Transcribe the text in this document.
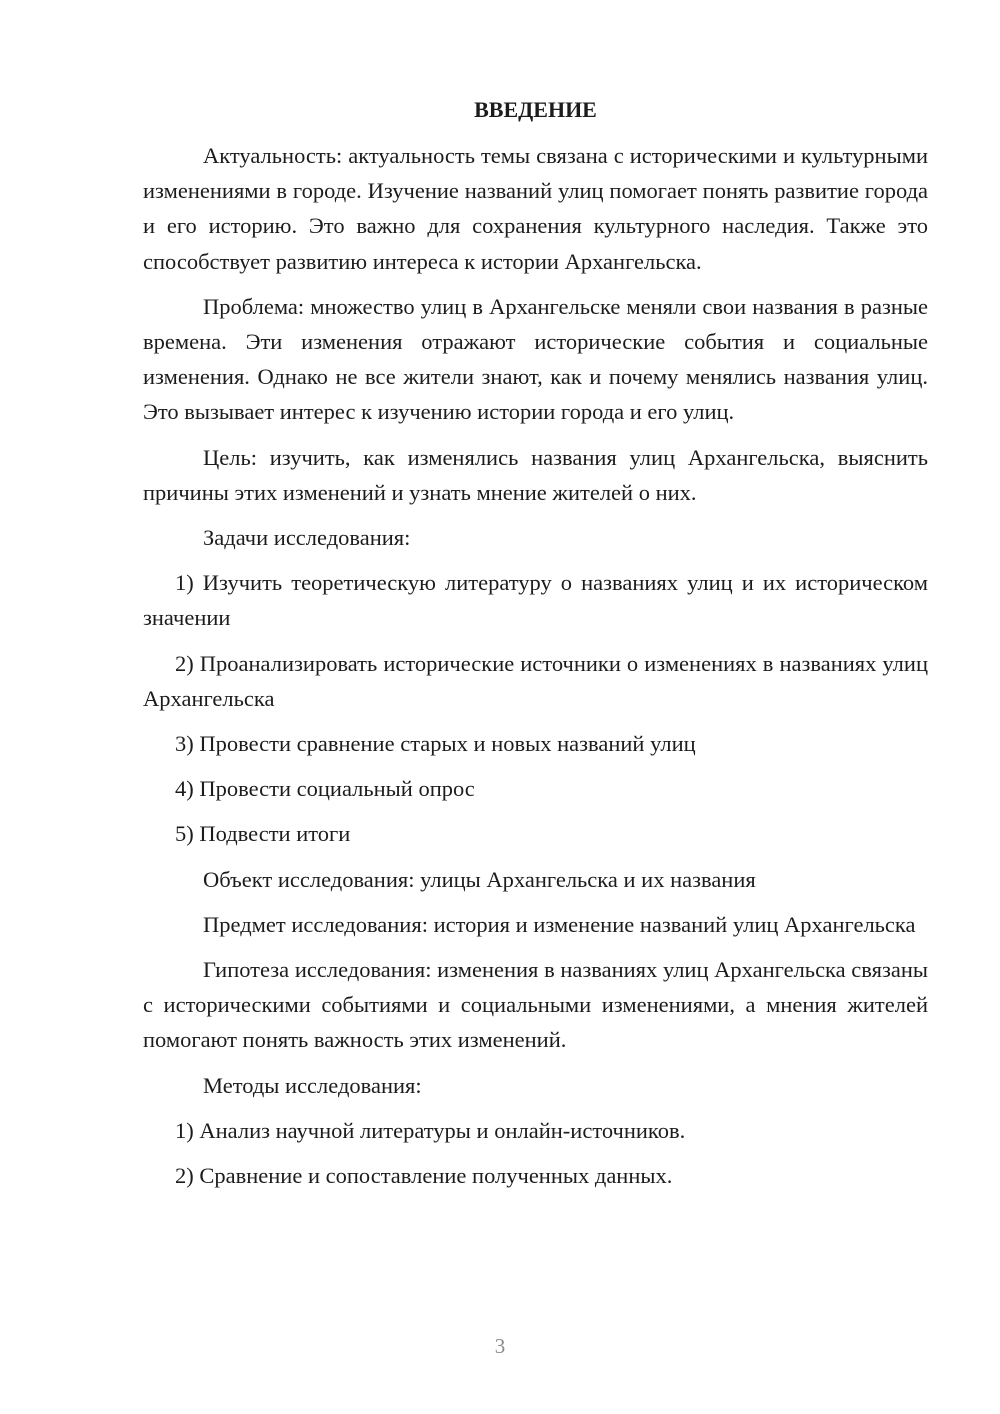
ВВЕДЕНИЕ

Актуальность: актуальность темы связана с историческими и культурными изменениями в городе. Изучение названий улиц помогает понять развитие города и его историю. Это важно для сохранения культурного наследия. Также это способствует развитию интереса к истории Архангельска.

Проблема: множество улиц в Архангельске меняли свои названия в разные времена. Эти изменения отражают исторические события и социальные изменения. Однако не все жители знают, как и почему менялись названия улиц. Это вызывает интерес к изучению истории города и его улиц.

Цель: изучить, как изменялись названия улиц Архангельска, выяснить причины этих изменений и узнать мнение жителей о них.

Задачи исследования:

1) Изучить теоретическую литературу о названиях улиц и их историческом значении

2) Проанализировать исторические источники о изменениях в названиях улиц Архангельска

3) Провести сравнение старых и новых названий улиц

4) Провести социальный опрос

5) Подвести итоги

Объект исследования: улицы Архангельска и их названия

Предмет исследования: история и изменение названий улиц Архангельска

Гипотеза исследования: изменения в названиях улиц Архангельска связаны с историческими событиями и социальными изменениями, а мнения жителей помогают понять важность этих изменений.

Методы исследования:

1) Анализ научной литературы и онлайн-источников.

2) Сравнение и сопоставление полученных данных.

3
